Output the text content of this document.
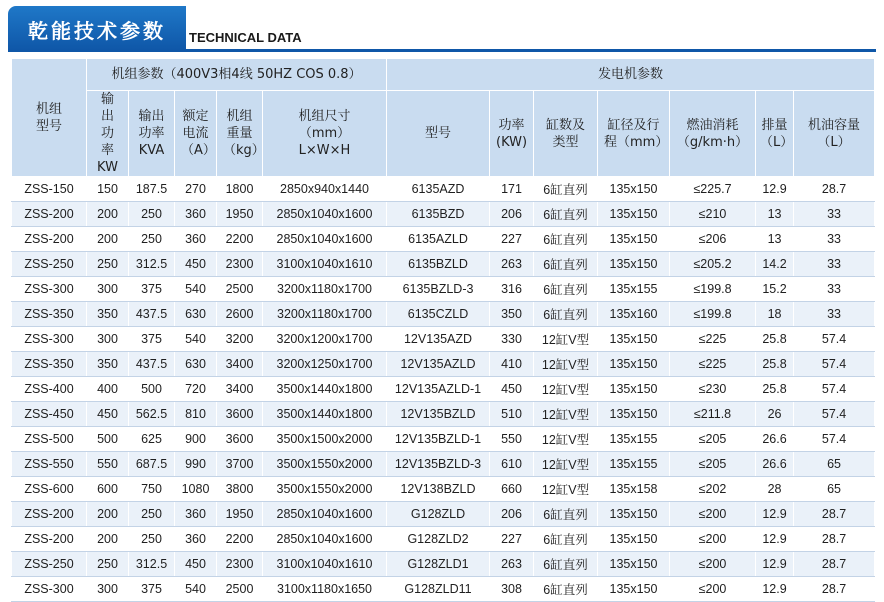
乾能技术参数 TECHNICAL DATA
机组型号	机组参数（400V3相4线 50HZ COS 0.8）					发电机参数						
	输出功率KW	输出功率KVA	额定电流（A）	机组重量（kg）	机组尺寸（mm）L×W×H	型号	功率(KW)	缸数及类型	缸径及行程（mm）	燃油消耗（g/km·h）	排量（L）	机油容量（L）
ZSS-150	150	187.5	270	1800	2850x940x1440	6135AZD	171	6缸直列	135x150	≤225.7	12.9	28.7
ZSS-200	200	250	360	1950	2850x1040x1600	6135BZD	206	6缸直列	135x150	≤210	13	33
ZSS-200	200	250	360	2200	2850x1040x1600	6135AZLD	227	6缸直列	135x150	≤206	13	33
ZSS-250	250	312.5	450	2300	3100x1040x1610	6135BZLD	263	6缸直列	135x150	≤205.2	14.2	33
ZSS-300	300	375	540	2500	3200x1180x1700	6135BZLD-3	316	6缸直列	135x155	≤199.8	15.2	33
ZSS-350	350	437.5	630	2600	3200x1180x1700	6135CZLD	350	6缸直列	135x160	≤199.8	18	33
ZSS-300	300	375	540	3200	3200x1200x1700	12V135AZD	330	12缸V型	135x150	≤225	25.8	57.4
ZSS-350	350	437.5	630	3400	3200x1250x1700	12V135AZLD	410	12缸V型	135x150	≤225	25.8	57.4
ZSS-400	400	500	720	3400	3500x1440x1800	12V135AZLD-1	450	12缸V型	135x150	≤230	25.8	57.4
ZSS-450	450	562.5	810	3600	3500x1440x1800	12V135BZLD	510	12缸V型	135x150	≤211.8	26	57.4
ZSS-500	500	625	900	3600	3500x1500x2000	12V135BZLD-1	550	12缸V型	135x155	≤205	26.6	57.4
ZSS-550	550	687.5	990	3700	3500x1550x2000	12V135BZLD-3	610	12缸V型	135x155	≤205	26.6	65
ZSS-600	600	750	1080	3800	3500x1550x2000	12V138BZLD	660	12缸V型	135x158	≤202	28	65
ZSS-200	200	250	360	1950	2850x1040x1600	G128ZLD	206	6缸直列	135x150	≤200	12.9	28.7
ZSS-200	200	250	360	2200	2850x1040x1600	G128ZLD2	227	6缸直列	135x150	≤200	12.9	28.7
ZSS-250	250	312.5	450	2300	3100x1040x1610	G128ZLD1	263	6缸直列	135x150	≤200	12.9	28.7
ZSS-300	300	375	540	2500	3100x1180x1650	G128ZLD11	308	6缸直列	135x150	≤200	12.9	28.7
